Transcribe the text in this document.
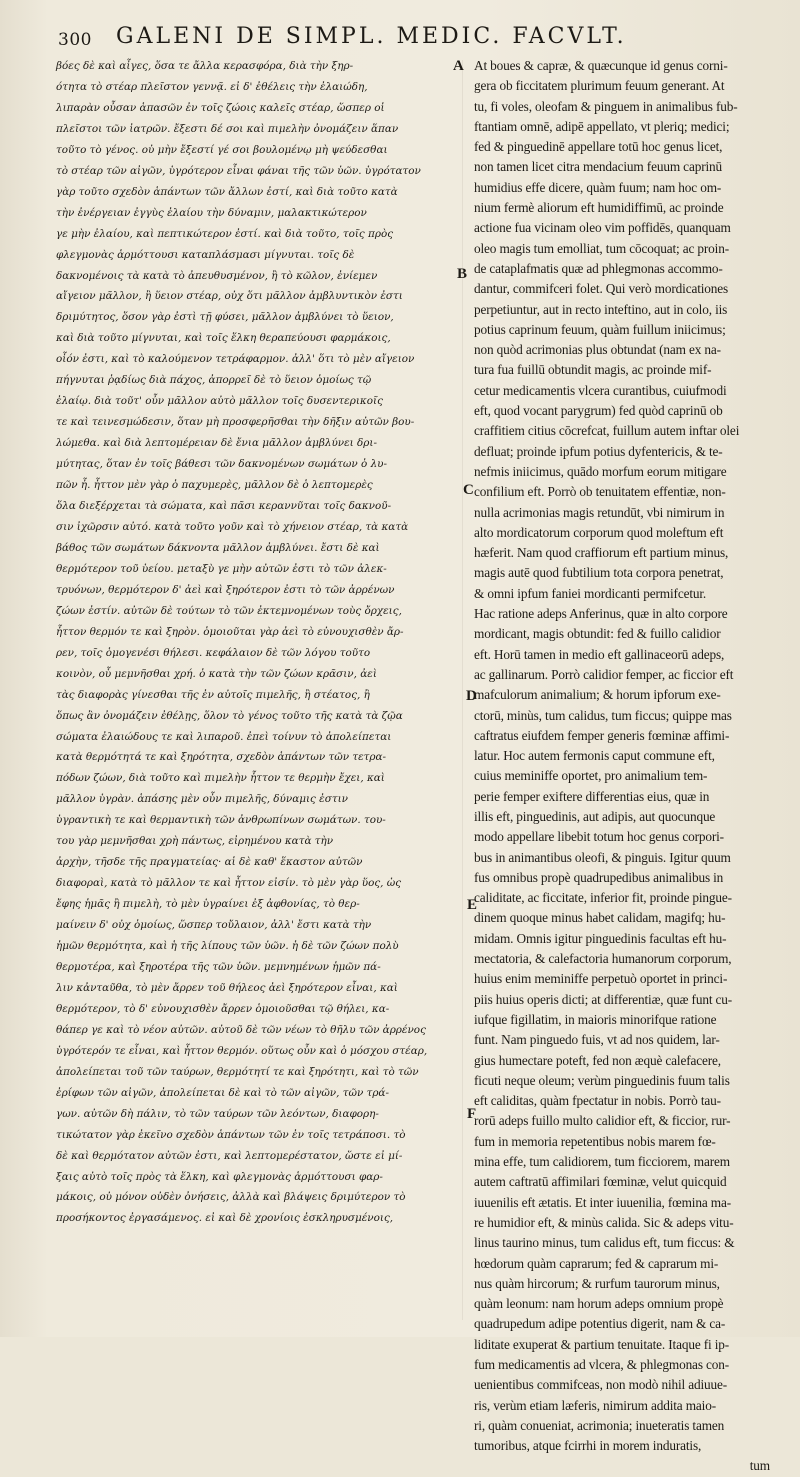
300 GALENI DE SIMPL. MEDIC. FACVLT.
βόες δὲ καὶ αἶγες, ὅσα τε ἄλλα κερασφόρα, διὰ τὴν ξηρ-
ότητα τὸ στέαρ πλεῖστον γεννᾷ. εἰ δ' ἐθέλεις τὴν ἐλαιώδη,
λιπαρὰν οὖσαν ἁπασῶν ἐν τοῖς ζώοις καλεῖς στέαρ, ὥσπερ οἱ
πλεῖστοι τῶν ἰατρῶν. ἔξεστι δέ σοι καὶ πιμελὴν ὀνομάζειν ἅπαν
τοῦτο τὸ γένος. οὐ μὴν ἔξεστί γέ σοι βουλομένῳ μὴ ψεύδεσθαι
τὸ στέαρ τῶν αἰγῶν, ὑγρότερον εἶναι φάναι τῆς τῶν ὑῶν. ὑγρότατον
γὰρ τοῦτο σχεδὸν ἁπάντων τῶν ἄλλων ἐστί, καὶ διὰ τοῦτο κατὰ
τὴν ἐνέργειαν ἐγγὺς ἐλαίου τὴν δύναμιν, μαλακτικώτερον
γε μὴν ἐλαίου, καὶ πεπτικώτερον ἐστί. καὶ διὰ τοῦτο, τοῖς πρὸς
φλεγμονὰς ἁρμόττουσι καταπλάσμασι μίγνυται. τοῖς δὲ
δακνομένοις τὰ κατὰ τὸ ἀπευθυσμένον, ἢ τὸ κῶλον, ἐνίεμεν
αἴγειον μᾶλλον, ἢ ὕειον στέαρ, οὐχ ὅτι μᾶλλον ἀμβλυντικὸν ἐστι
δριμύτητος, ὅσον γὰρ ἐστὶ τῇ φύσει, μᾶλλον ἀμβλύνει τὸ ὕειον,
καὶ διὰ τοῦτο μίγνυται, καὶ τοῖς ἕλκη θεραπεύουσι φαρμάκοις,
οἷόν ἐστι, καὶ τὸ καλούμενον τετράφαρμον. ἀλλ' ὅτι τὸ μὲν αἴγειον
πήγνυται ῥᾳδίως διὰ πάχος, ἀπορρεῖ δὲ τὸ ὕειον ὁμοίως τῷ
ἐλαίῳ. διὰ τοῦτ' οὖν μᾶλλον αὐτὸ μᾶλλον τοῖς δυσεντερικοῖς
τε καὶ τεινεσμώδεσιν, ὅταν μὴ προσφερῆσθαι τὴν δῆξιν αὐτῶν βου-
λώμεθα. καὶ διὰ λεπτομέρειαν δὲ ἔνια μᾶλλον ἀμβλύνει δρι-
μύτητας, ὅταν ἐν τοῖς βάθεσι τῶν δακνομένων σωμάτων ὁ λυ-
πῶν ἦ. ἧττον μὲν γὰρ ὁ παχυμερὲς, μᾶλλον δὲ ὁ λεπτομερὲς
ὅλα διεξέρχεται τὰ σώματα, καὶ πᾶσι κεραννῦται τοῖς δακνοῦ-
σιν ἰχῶρσιν αὐτό. κατὰ τοῦτο γοῦν καὶ τὸ χήνειον στέαρ, τὰ κατὰ
βάθος τῶν σωμάτων δάκνοντα μᾶλλον ἀμβλύνει. ἔστι δὲ καὶ
θερμότερον τοῦ ὑείου. μεταξὺ γε μὴν αὐτῶν ἐστι τὸ τῶν ἀλεκ-
τρυόνων, θερμότερον δ' ἀεὶ καὶ ξηρότερον ἐστι τὸ τῶν ἀρρένων
ζώων ἐστίν. αὐτῶν δὲ τούτων τὸ τῶν ἐκτεμνομένων τοὺς ὄρχεις,
ἧττον θερμόν τε καὶ ξηρὸν. ὁμοιοῦται γὰρ ἀεὶ τὸ εὐνουχισθὲν ἄρ-
ρεν, τοῖς ὁμογενέσι θήλεσι. κεφάλαιον δὲ τῶν λόγου τοῦτο
κοινὸν, οὗ μεμνῆσθαι χρή. ὁ κατὰ τὴν τῶν ζώων κρᾶσιν, ἀεὶ
τὰς διαφορὰς γίνεσθαι τῆς ἐν αὐτοῖς πιμελῆς, ἢ στέατος, ἢ
ὅπως ἂν ὀνομάζειν ἐθέλῃς, ὅλον τὸ γένος τοῦτο τῆς κατὰ τὰ ζῷα
σώματα ἐλαιώδους τε καὶ λιπαροῦ. ἐπεὶ τοίνυν τὸ ἀπολείπεται
κατὰ θερμότητά τε καὶ ξηρότητα, σχεδὸν ἁπάντων τῶν τετρα-
πόδων ζώων, διὰ τοῦτο καὶ πιμελὴν ἧττον τε θερμὴν ἔχει, καὶ
μᾶλλον ὑγρὰν. ἁπάσης μὲν οὖν πιμελῆς, δύναμις ἐστιν
ὑγραντικὴ τε καὶ θερμαντικὴ τῶν ἀνθρωπίνων σωμάτων. του-
του γὰρ μεμνῆσθαι χρὴ πάντως, εἰρημένου κατὰ τὴν
ἀρχὴν, τῆσδε τῆς πραγματείας· αἱ δὲ καθ' ἕκαστον αὐτῶν
διαφοραὶ, κατὰ τὸ μᾶλλον τε καὶ ἧττον εἰσίν. τὸ μὲν γὰρ ὕος, ὡς
ἔφης ἡμᾶς ἢ πιμελὴ, τὸ μὲν ὑγραίνει ἐξ ἀφθονίας, τὸ θερ-
μαίνειν δ' οὐχ ὁμοίως, ὥσπερ τοὔλαιον, ἀλλ' ἔστι κατὰ τὴν
ἡμῶν θερμότητα, καὶ ἡ τῆς λίπους τῶν ὑῶν. ἡ δὲ τῶν ζώων πολὺ
θερμοτέρα, καὶ ξηροτέρα τῆς τῶν ὑῶν. μεμνημένων ἡμῶν πά-
λιν κἀνταῦθα, τὸ μὲν ἄρρεν τοῦ θήλεος ἀεὶ ξηρότερον εἶναι, καὶ
θερμότερον, τὸ δ' εὐνουχισθὲν ἄρρεν ὁμοιοῦσθαι τῷ θήλει, κα-
θάπερ γε καὶ τὸ νέον αὐτῶν. αὐτοῦ δὲ τῶν νέων τὸ θῆλυ τῶν ἀρρένος
ὑγρότερόν τε εἶναι, καὶ ἧττον θερμόν. οὕτως οὖν καὶ ὁ μόσχου στέαρ,
ἀπολείπεται τοῦ τῶν ταύρων, θερμότητί τε καὶ ξηρότητι, καὶ τὸ τῶν
ἐρίφων τῶν αἰγῶν, ἀπολείπεται δὲ καὶ τὸ τῶν αἰγῶν, τῶν τρά-
γων. αὐτῶν δὴ πάλιν, τὸ τῶν ταύρων τῶν λεόντων, διαφορη-
τικώτατον γὰρ ἐκεῖνο σχεδὸν ἁπάντων τῶν ἐν τοῖς τετράποσι. τὸ
δὲ καὶ θερμότατον αὐτῶν ἐστι, καὶ λεπτομερέστατον, ὥστε εἰ μί-
ξαις αὐτὸ τοῖς πρὸς τὰ ἕλκη, καὶ φλεγμονὰς ἁρμόττουσι φαρ-
μάκοις, οὐ μόνον οὐδὲν ὀνήσεις, ἀλλὰ καὶ βλάψεις δριμύτερον τὸ
προσήκοντος ἐργασάμενος. εἰ καὶ δὲ χρονίοις ἐσκληρυσμένοις,
A
B
C
D
E
F
At boues & capræ, & quæcunque id genus corni-
gera ob ficcitatem plurimum feuum generant. At
tu, fi voles, oleofam & pinguem in animalibus fub-
ftantiam omnē, adipē appellato, vt pleriq; medici;
fed & pinguedinē appellare totū hoc genus licet,
non tamen licet citra mendacium feuum caprinū
humidius effe dicere, quàm fuum; nam hoc om-
nium fermè aliorum eft humidiffimū, ac proinde
actione fua vicinam oleo vim poffidēs, quanquam
oleo magis tum emolliat, tum cōcoquat; ac proin-
de cataplafmatis quæ ad phlegmonas accommo-
dantur, commifceri folet. Qui verò mordicationes
perpetiuntur, aut in recto inteftino, aut in colo, iis
potius caprinum feuum, quàm fuillum iniicimus;
non quòd acrimonias plus obtundat (nam ex na-
tura fua fuillū obtundit magis, ac proinde mif-
cetur medicamentis vlcera curantibus, cuiufmodi
eft, quod vocant parygrum) fed quòd caprinū ob
craffitiem citius cōcrefcat, fuillum autem inftar olei
defluat; proinde ipfum potius dyfentericis, & te-
nefmis iniicimus, quādo morfum eorum mitigare
confilium eft. Porrò ob tenuitatem effentiæ, non-
nulla acrimonias magis retundūt, vbi nimirum in
alto mordicatorum corporum quod moleftum eft
hæferit. Nam quod craffiorum eft partium minus,
magis autē quod fubtilium tota corpora penetrat,
& omni ipfum faniei mordicanti permifcetur.
Hac ratione adeps Anferinus, quæ in alto corpore
mordicant, magis obtundit: fed & fuillo calidior
eft. Horū tamen in medio eft gallinaceorū adeps,
ac gallinarum. Porrò calidior femper, ac ficcior eft
mafculorum animalium; & horum ipforum exe-
ctorū, minùs, tum calidus, tum ficcus; quippe mas
caftratus eiufdem femper generis fœminæ affimi-
latur. Hoc autem fermonis caput commune eft,
cuius meminiffe oportet, pro animalium tem-
perie femper exiftere differentias eius, quæ in
illis eft, pinguedinis, aut adipis, aut quocunque
modo appellare libebit totum hoc genus corpori-
bus in animantibus oleofi, & pinguis. Igitur quum
fus omnibus propè quadrupedibus animalibus in
caliditate, ac ficcitate, inferior fit, proinde pingue-
dinem quoque minus habet calidam, magifq; hu-
midam. Omnis igitur pinguedinis facultas eft hu-
mectatoria, & calefactoria humanorum corporum,
huius enim meminiffe perpetuò oportet in princi-
piis huius operis dicti; at differentiæ, quæ funt cu-
iufque figillatim, in maioris minorifque ratione
funt. Nam pinguedo fuis, vt ad nos quidem, lar-
gius humectare poteft, fed non æquè calefacere,
ficuti neque oleum; verùm pinguedinis fuum talis
eft caliditas, quàm fpectatur in nobis. Porrò tau-
rorū adeps fuillo multo calidior eft, & ficcior, rur-
fum in memoria repetentibus nobis marem fœ-
mina effe, tum calidiorem, tum ficciorem, marem
autem caftratū affimilari fœminæ, velut quicquid
iuuenilis eft ætatis. Et inter iuuenilia, fœmina ma-
re humidior eft, & minùs calida. Sic & adeps vitu-
linus taurino minus, tum calidus eft, tum ficcus: &
hœdorum quàm caprarum; fed & caprarum mi-
nus quàm hircorum; & rurfum taurorum minus,
quàm leonum: nam horum adeps omnium propè
quadrupedum adipe potentius digerit, nam & ca-
liditate exuperat & partium tenuitate. Itaque fi ip-
fum medicamentis ad vlcera, & phlegmonas con-
uenientibus commifceas, non modò nihil adiuue-
ris, verùm etiam læferis, nimirum addita maio-
ri, quàm conueniat, acrimonia; inueteratis tamen
tumoribus, atque fcirrhi in morem induratis,
tum
